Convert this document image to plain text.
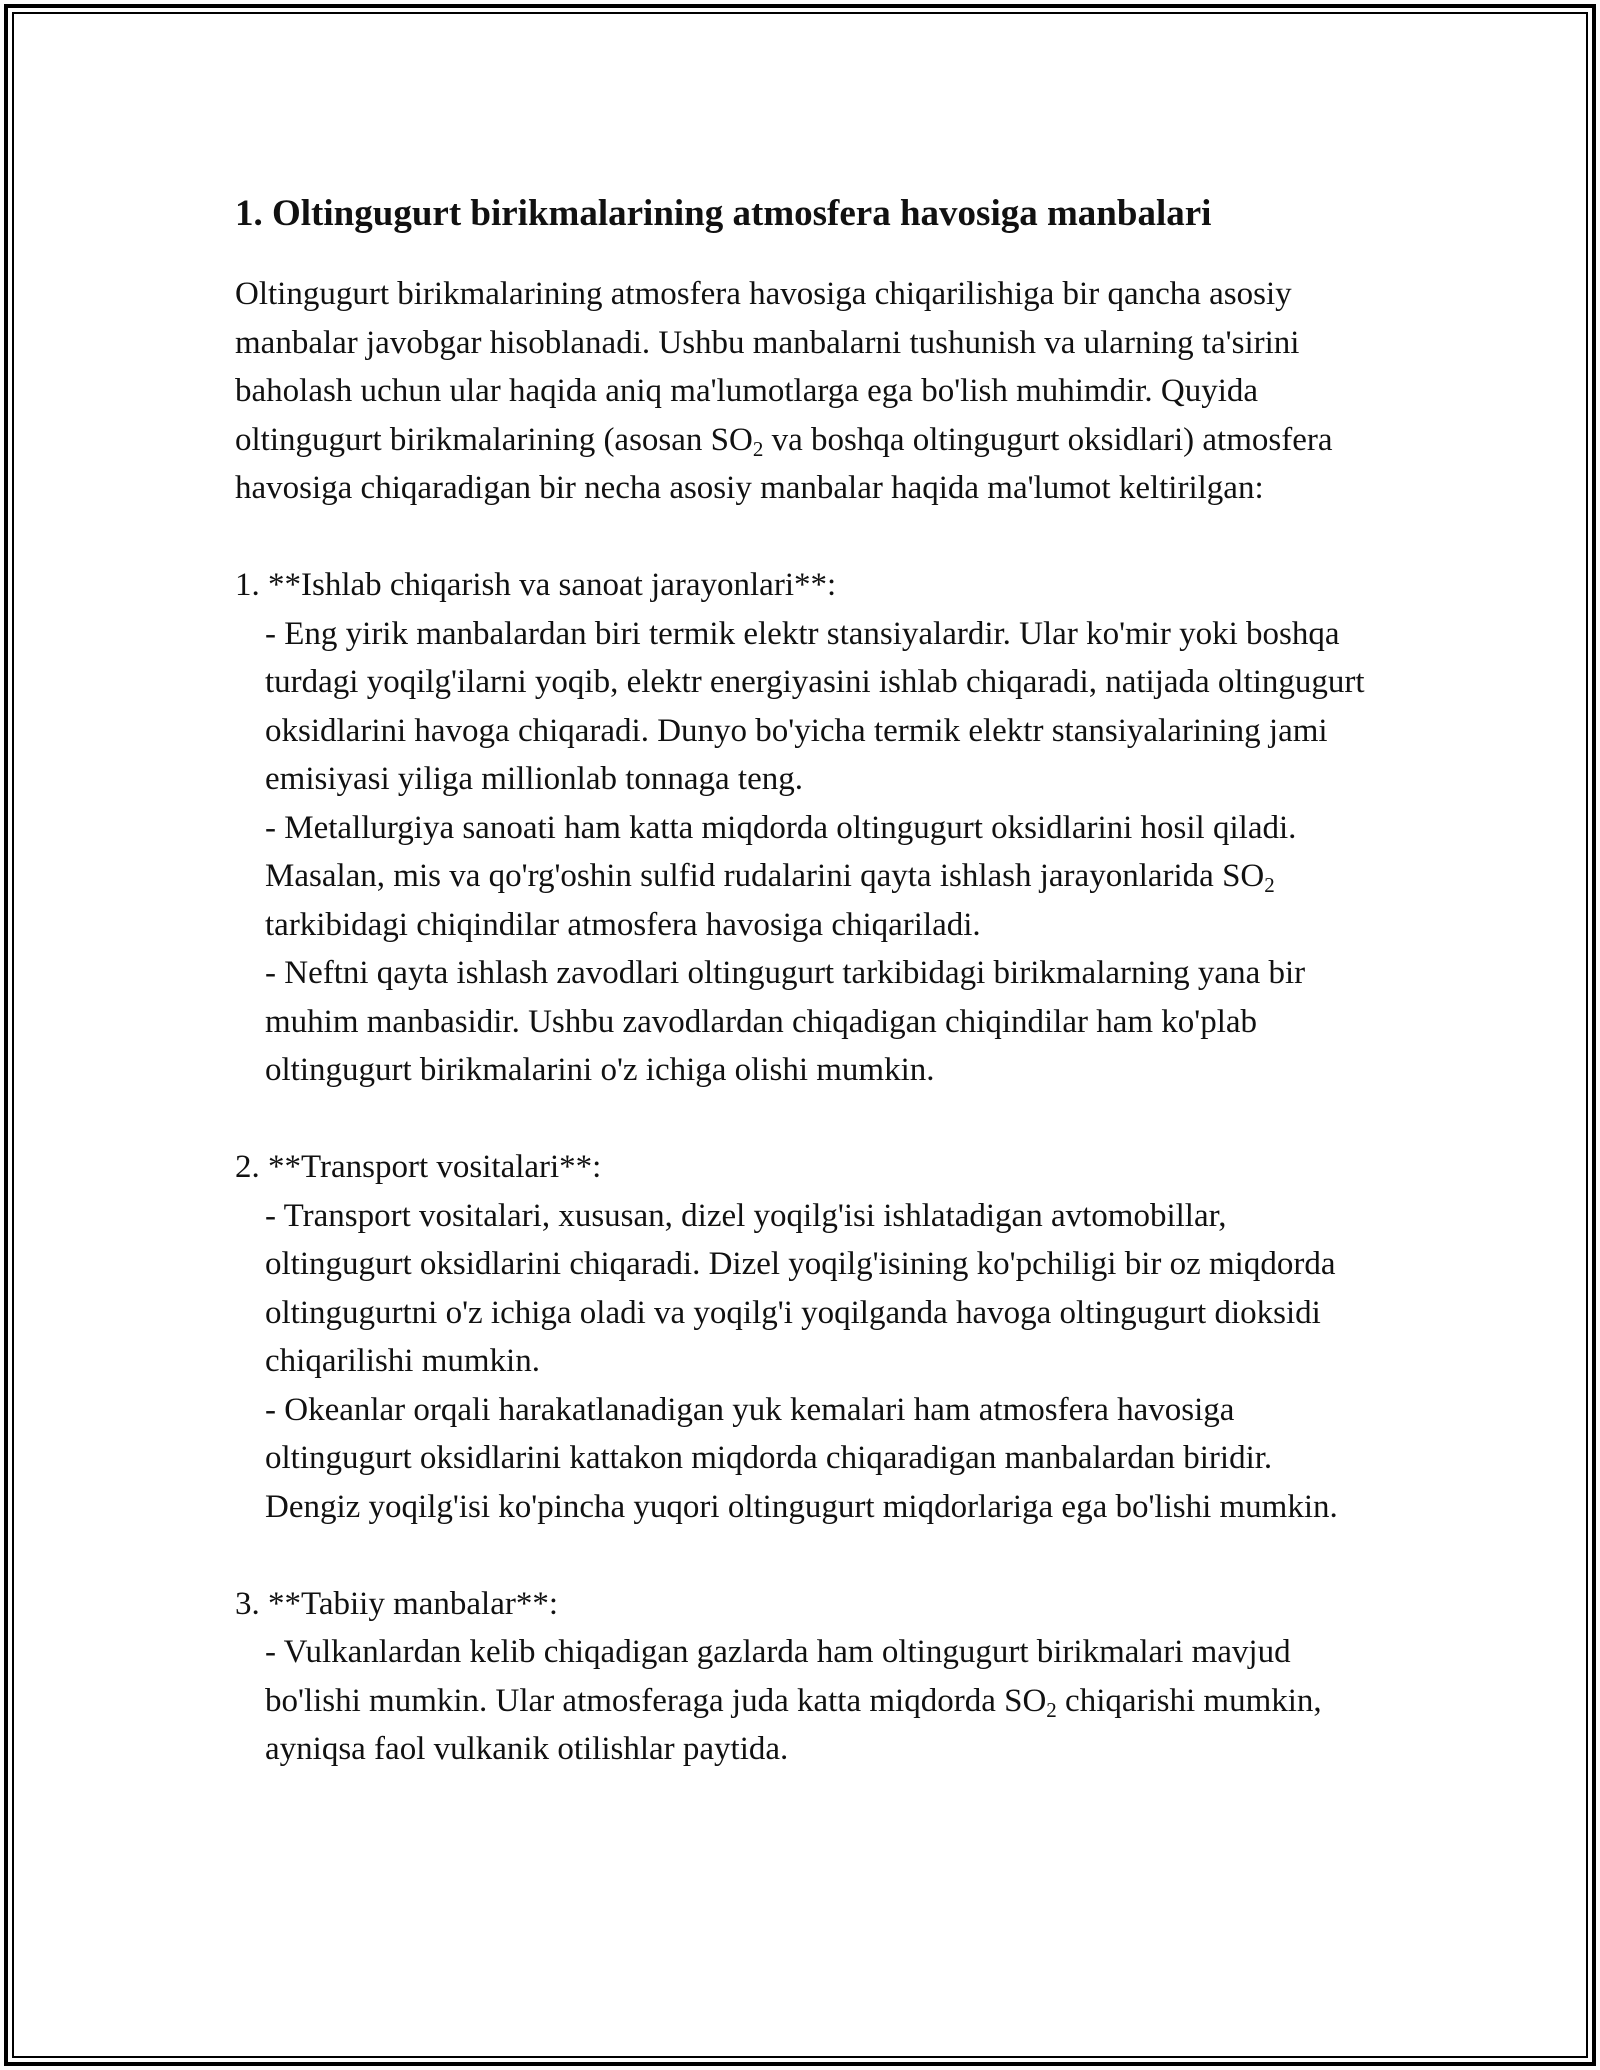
1. Oltingugurt birikmalarining atmosfera havosiga manbalari

Oltingugurt birikmalarining atmosfera havosiga chiqarilishiga bir qancha asosiy manbalar javobgar hisoblanadi. Ushbu manbalarni tushunish va ularning ta'sirini baholash uchun ular haqida aniq ma'lumotlarga ega bo'lish muhimdir. Quyida oltingugurt birikmalarining (asosan $SO_2$ va boshqa oltingugurt oksidlari) atmosfera havosiga chiqaradigan bir necha asosiy manbalar haqida ma'lumot keltirilgan:

1. **Ishlab chiqarish va sanoat jarayonlari**:
- Eng yirik manbalardan biri termik elektr stansiyalardir. Ular ko'mir yoki boshqa turdagi yoqilg'ilarni yoqib, elektr energiyasini ishlab chiqaradi, natijada oltingugurt oksidlarini havoga chiqaradi. Dunyo bo'yicha termik elektr stansiyalarining jami emisiyasi yiliga millionlab tonnaga teng.
- Metallurgiya sanoati ham katta miqdorda oltingugurt oksidlarini hosil qiladi. Masalan, mis va qo'rg'oshin sulfid rudalarini qayta ishlash jarayonlarida $SO_2$ tarkibidagi chiqindilar atmosfera havosiga chiqariladi.
- Neftni qayta ishlash zavodlari oltingugurt tarkibidagi birikmalarning yana bir muhim manbasidir. Ushbu zavodlardan chiqadigan chiqindilar ham ko'plab oltingugurt birikmalarini o'z ichiga olishi mumkin.

2. **Transport vositalari**:
- Transport vositalari, xususan, dizel yoqilg'isi ishlatadigan avtomobillar, oltingugurt oksidlarini chiqaradi. Dizel yoqilg'isining ko'pchiligi bir oz miqdorda oltingugurtni o'z ichiga oladi va yoqilg'i yoqilganda havoga oltingugurt dioksidi chiqarilishi mumkin.
- Okeanlar orqali harakatlanadigan yuk kemalari ham atmosfera havosiga oltingugurt oksidlarini kattakon miqdorda chiqaradigan manbalardan biridir. Dengiz yoqilg'isi ko'pincha yuqori oltingugurt miqdorlariga ega bo'lishi mumkin.

3. **Tabiiy manbalar**:
- Vulkanlardan kelib chiqadigan gazlarda ham oltingugurt birikmalari mavjud bo'lishi mumkin. Ular atmosferaga juda katta miqdorda $SO_2$ chiqarishi mumkin, ayniqsa faol vulkanik otilishlar paytida.
